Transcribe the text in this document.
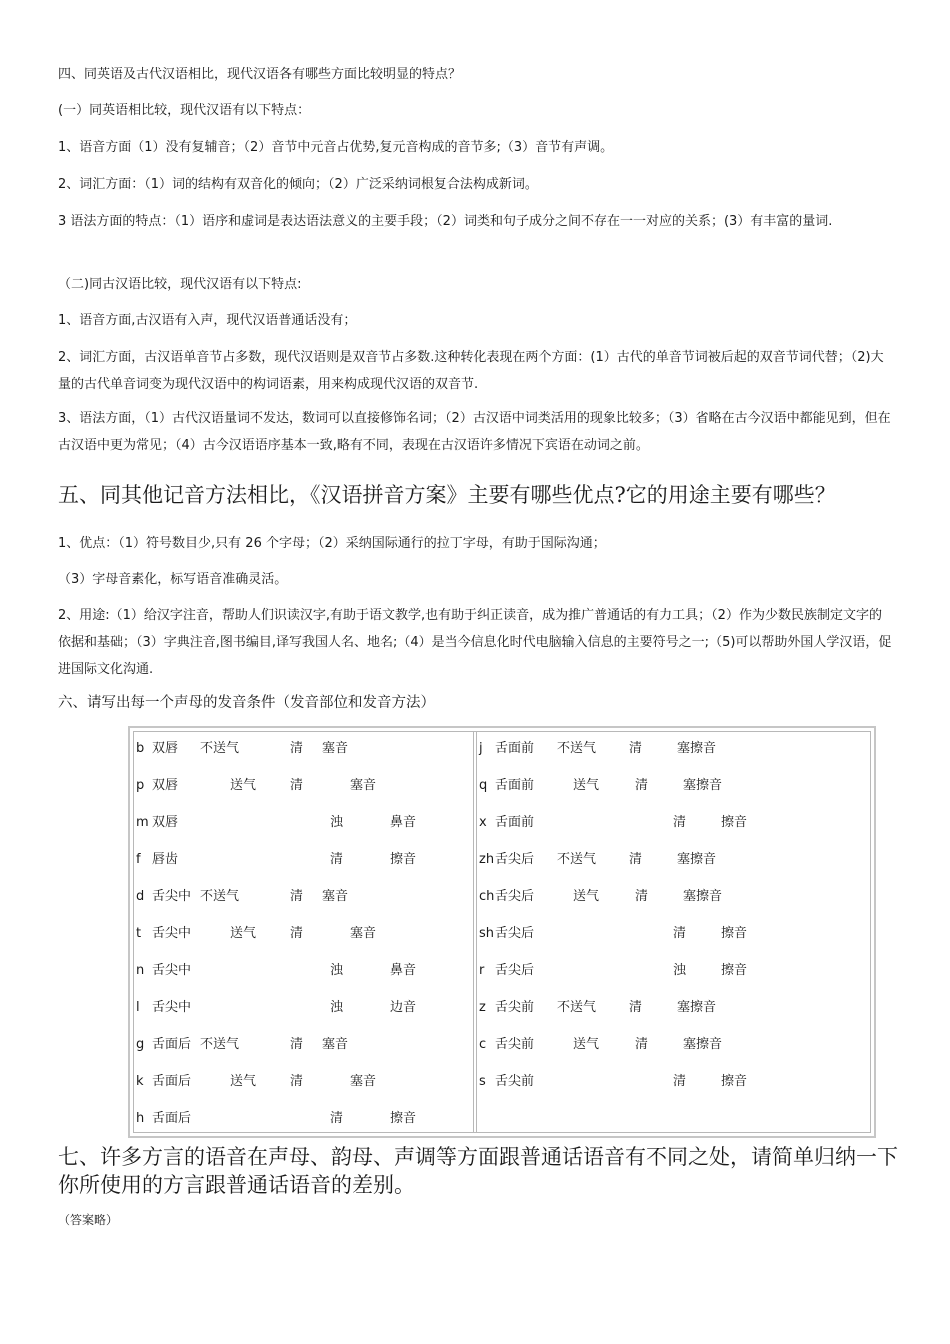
四、同英语及古代汉语相比，现代汉语各有哪些方面比较明显的特点？
(一）同英语相比较，现代汉语有以下特点：
1、语音方面（1）没有复辅音；（2）音节中元音占优势,复元音构成的音节多;（3）音节有声调。
2、词汇方面：（1）词的结构有双音化的倾向；（2）广泛采纳词根复合法构成新词。
3 语法方面的特点：（1）语序和虚词是表达语法意义的主要手段；（2）词类和句子成分之间不存在一一对应的关系；(3）有丰富的量词.
（二)同古汉语比较，现代汉语有以下特点:
1、语音方面,古汉语有入声，现代汉语普通话没有；
2、词汇方面，古汉语单音节占多数，现代汉语则是双音节占多数.这种转化表现在两个方面：(1）古代的单音节词被后起的双音节词代替；（2)大量的古代单音词变为现代汉语中的构词语素，用来构成现代汉语的双音节.
3、语法方面，（1）古代汉语量词不发达，数词可以直接修饰名词；（2）古汉语中词类活用的现象比较多；（3）省略在古今汉语中都能见到，但在古汉语中更为常见；（4）古今汉语语序基本一致,略有不同，表现在古汉语许多情况下宾语在动词之前。
五、同其他记音方法相比，《汉语拼音方案》主要有哪些优点?它的用途主要有哪些？
1、优点：（1）符号数目少,只有 26 个字母；（2）采纳国际通行的拉丁字母，有助于国际沟通；
（3）字母音素化，标写语音准确灵活。
2、用途:（1）给汉字注音，帮助人们识读汉字,有助于语文教学,也有助于纠正读音，成为推广普通话的有力工具；（2）作为少数民族制定文字的依据和基础；（3）字典注音,图书编目,译写我国人名、地名;（4）是当今信息化时代电脑输入信息的主要符号之一;（5)可以帮助外国人学汉语，促进国际文化沟通.
六、请写出每一个声母的发音条件（发音部位和发音方法）
b 双唇 不送气	清 塞音
p 双唇	送气	清	塞音
m 双唇	浊	鼻音
f 唇齿	清	擦音
d 舌尖中 不送气	清 塞音
t 舌尖中	送气	清	塞音
n 舌尖中	浊	鼻音
l 舌尖中	浊	边音
g 舌面后 不送气	清 塞音
k 舌面后	送气	清	塞音
h 舌面后	清	擦音
j 舌面前 不送气	清	塞擦音
q 舌面前	送气	清	塞擦音
x 舌面前	清	擦音
zh 舌尖后 不送气	清	塞擦音
ch 舌尖后	送气	清	塞擦音
sh 舌尖后	清	擦音
r 舌尖后	浊	擦音
z 舌尖前 不送气	清	塞擦音
c 舌尖前	送气	清	塞擦音
s 舌尖前	清	擦音
七、许多方言的语音在声母、韵母、声调等方面跟普通话语音有不同之处，请简单归纳一下你所使用的方言跟普通话语音的差别。
（答案略）
